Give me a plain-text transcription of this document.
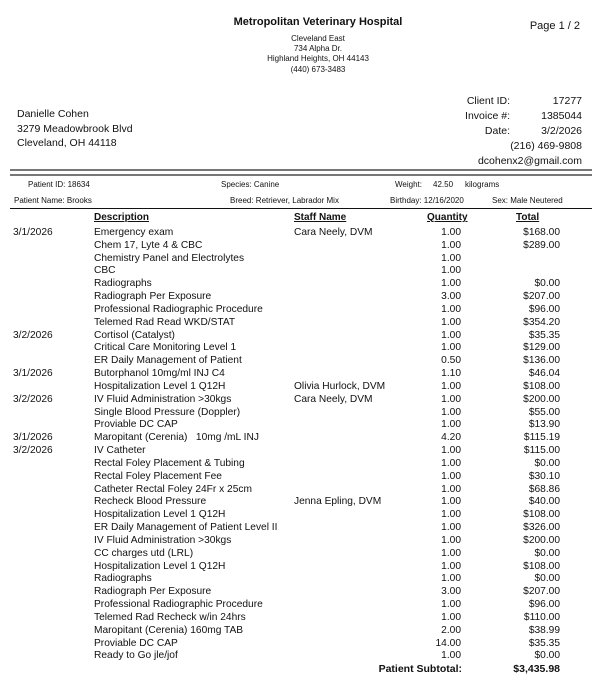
Metropolitan Veterinary Hospital
Cleveland East
734 Alpha Dr.
Highland Heights, OH 44143
(440) 673-3483
Page 1 / 2
Danielle Cohen
3279 Meadowbrook Blvd
Cleveland, OH 44118
Client ID:	17277
Invoice #:	1385044
Date:	3/2/2026
(216) 469-9808
dcohenx2@gmail.com
Patient ID: 18634	Species: Canine	Weight: 42.50 kilograms
Patient Name: Brooks	Breed: Retriever, Labrador Mix	Birthday: 12/16/2020	Sex: Male Neutered
Description	Staff Name	Quantity	Total
3/1/2026	Emergency exam	Cara Neely, DVM	1.00	$168.00
Chem 17, Lyte 4 & CBC	1.00	$289.00
Chemistry Panel and Electrolytes	1.00
CBC	1.00
Radiographs	1.00	$0.00
Radiograph Per Exposure	3.00	$207.00
Professional Radiographic Procedure	1.00	$96.00
Telemed Rad Read WKD/STAT	1.00	$354.20
3/2/2026	Cortisol (Catalyst)	1.00	$35.35
Critical Care Monitoring Level 1	1.00	$129.00
ER Daily Management of Patient	0.50	$136.00
3/1/2026	Butorphanol 10mg/ml INJ C4	1.10	$46.04
Hospitalization Level 1 Q12H	Olivia Hurlock, DVM	1.00	$108.00
3/2/2026	IV Fluid Administration >30kgs	Cara Neely, DVM	1.00	$200.00
Single Blood Pressure (Doppler)	1.00	$55.00
Proviable DC CAP	1.00	$13.90
3/1/2026	Maropitant (Cerenia)   10mg /mL INJ	4.20	$115.19
3/2/2026	IV Catheter	1.00	$115.00
Rectal Foley Placement & Tubing	1.00	$0.00
Rectal Foley Placement Fee	1.00	$30.10
Catheter Rectal Foley 24Fr x 25cm	1.00	$68.86
Recheck Blood Pressure	Jenna Epling, DVM	1.00	$40.00
Hospitalization Level 1 Q12H	1.00	$108.00
ER Daily Management of Patient Level II	1.00	$326.00
IV Fluid Administration >30kgs	1.00	$200.00
CC charges utd (LRL)	1.00	$0.00
Hospitalization Level 1 Q12H	1.00	$108.00
Radiographs	1.00	$0.00
Radiograph Per Exposure	3.00	$207.00
Professional Radiographic Procedure	1.00	$96.00
Telemed Rad Recheck w/in 24hrs	1.00	$110.00
Maropitant (Cerenia) 160mg TAB	2.00	$38.99
Proviable DC CAP	14.00	$35.35
Ready to Go jle/jof	1.00	$0.00
Patient Subtotal:	$3,435.98
